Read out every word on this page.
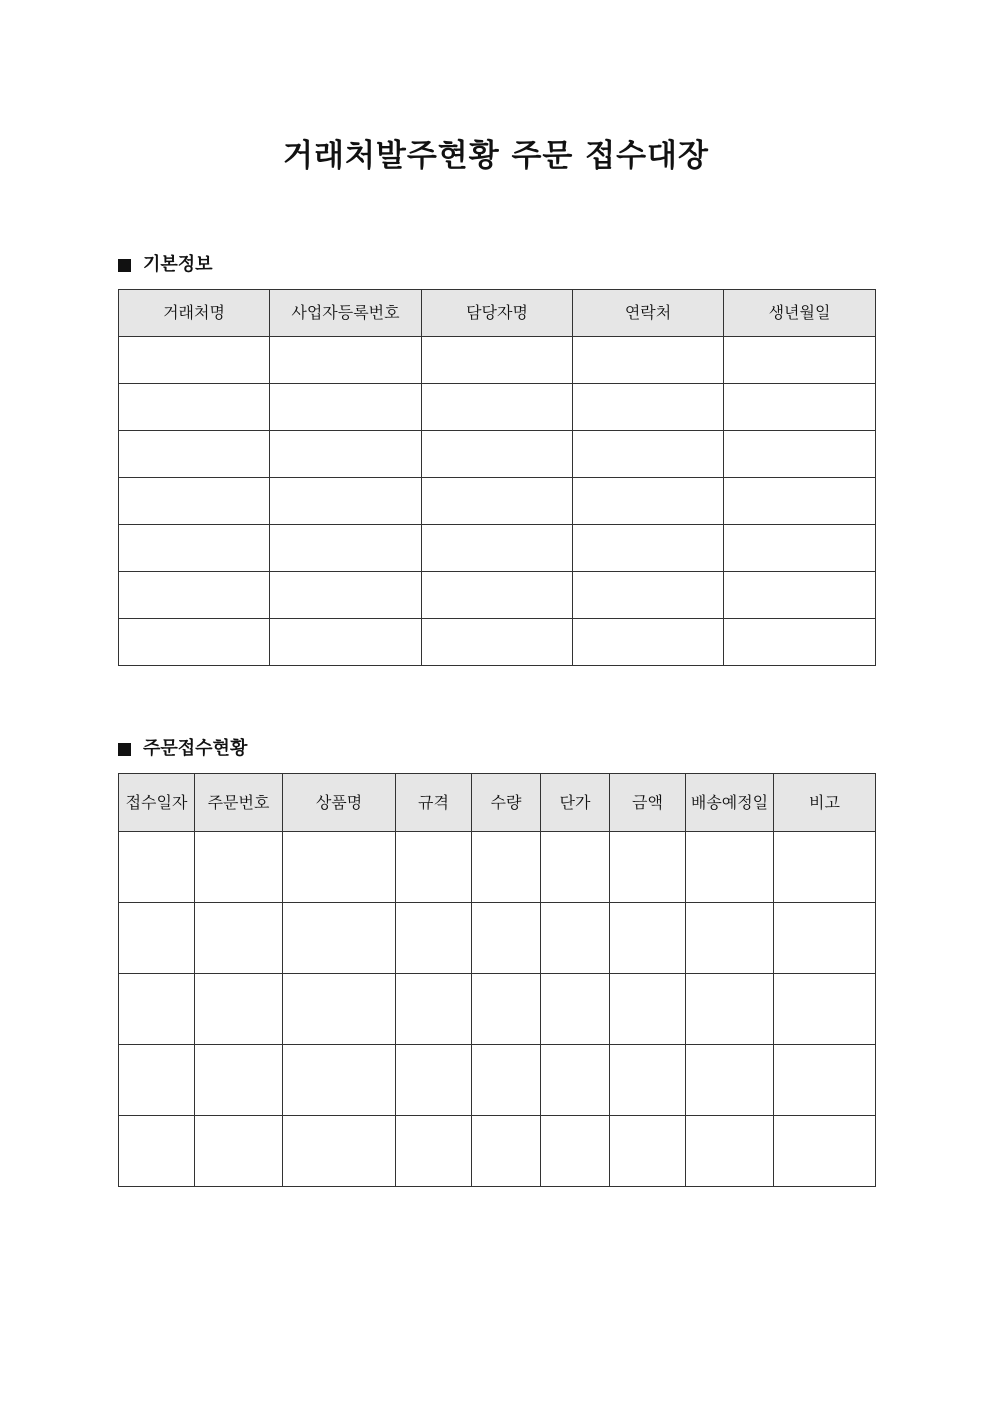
거래처발주현황 주문 접수대장
기본정보
거래처명	사업자등록번호	담당자명	연락처	생년월일

주문접수현황
접수일자	주문번호	상품명	규격	수량	단가	금액	배송예정일	비고
